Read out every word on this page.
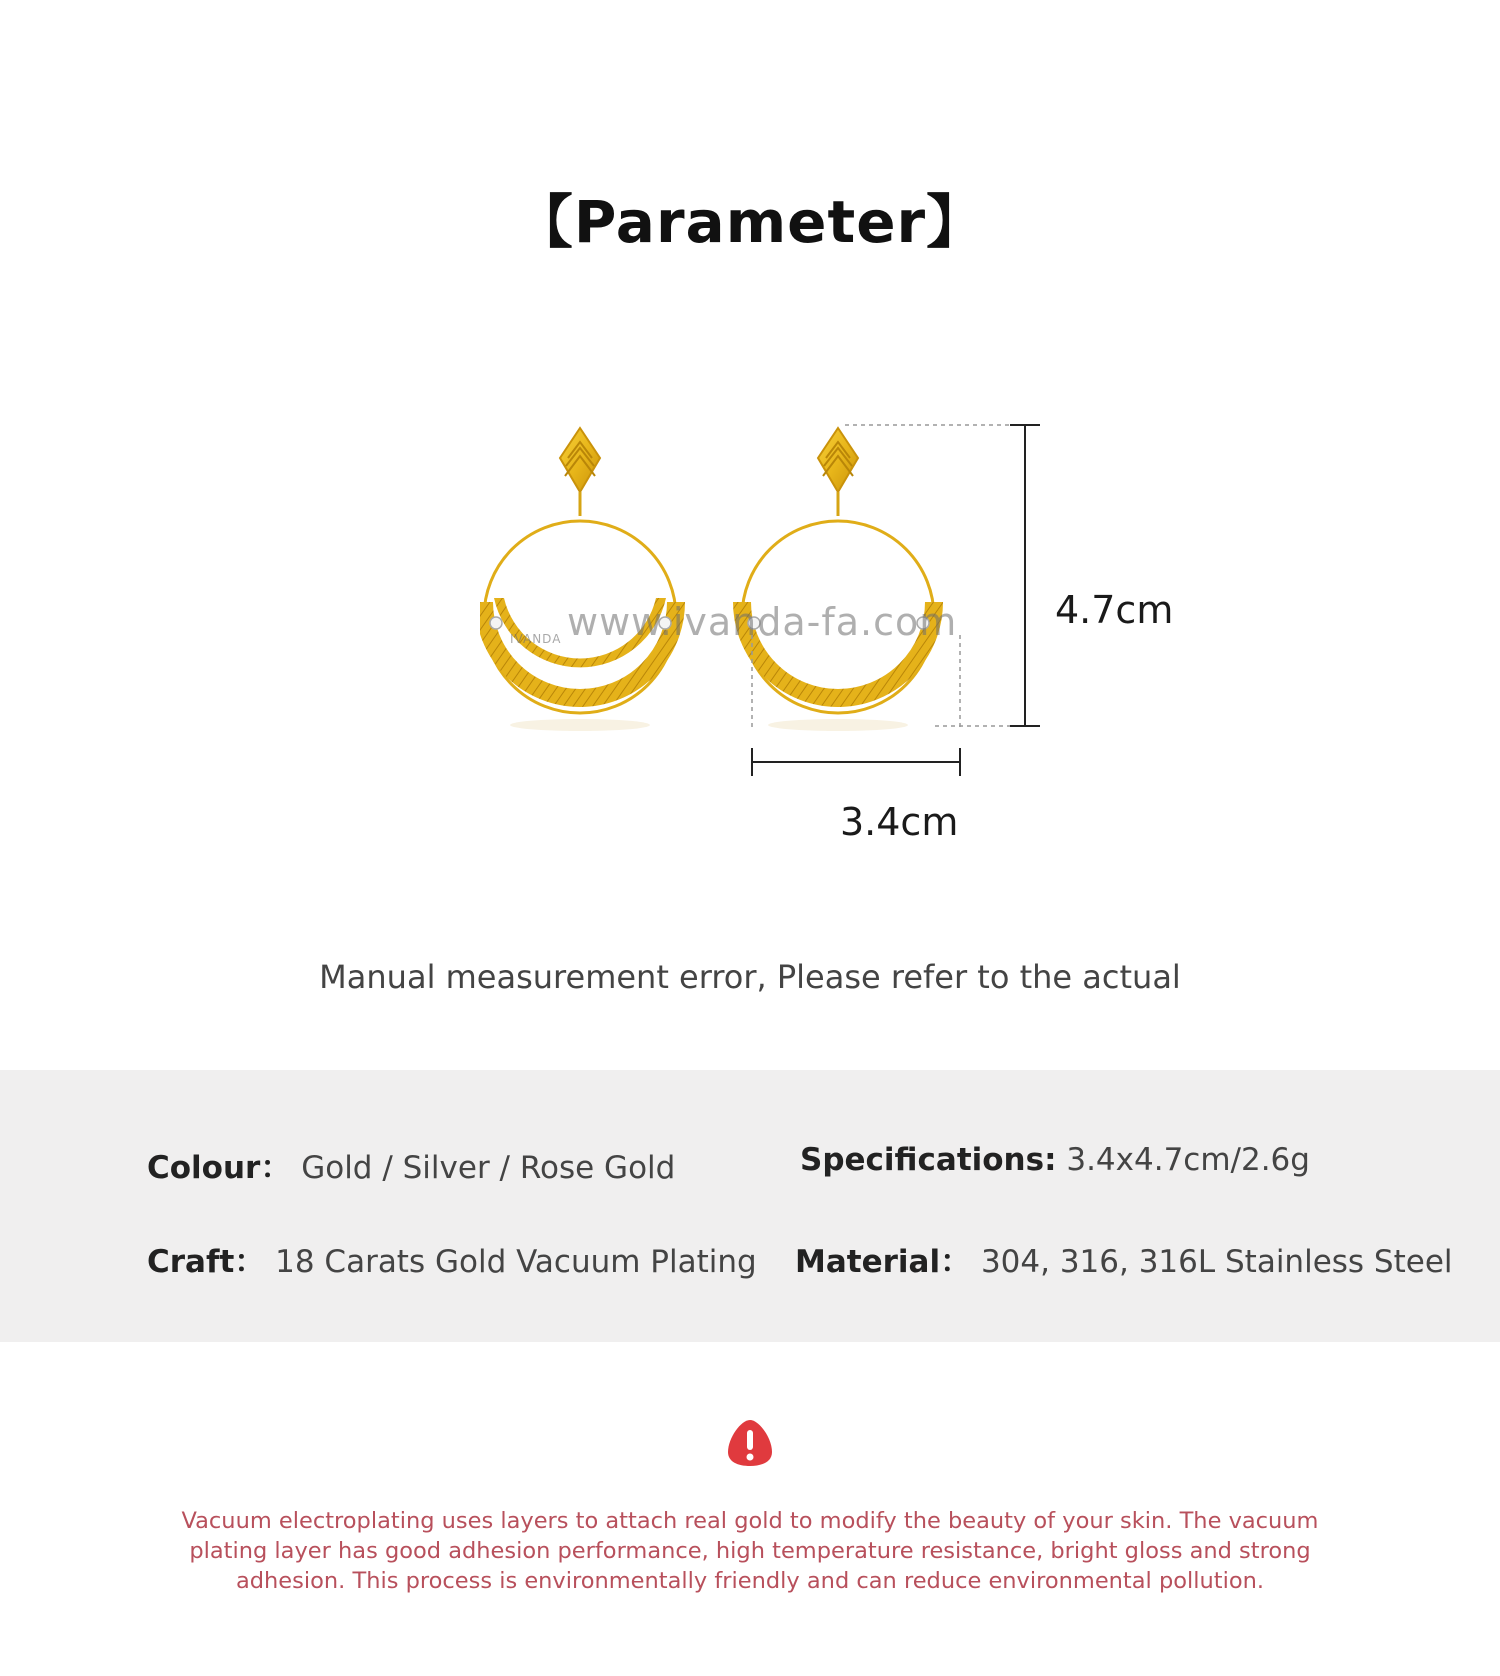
【Parameter】
IVANDA www.ivanda-fa.com	4.7cm
3.4cm
Manual measurement error, Please refer to the actual
Colour： Gold / Silver / Rose Gold	Specifications: 3.4x4.7cm/2.6g
Craft： 18 Carats Gold Vacuum Plating Material： 304, 316, 316L Stainless Steel
Vacuum electroplating uses layers to attach real gold to modify the beauty of your skin. The vacuum plating layer has good adhesion performance, high temperature resistance, bright gloss and strong adhesion. This process is environmentally friendly and can reduce environmental pollution.
